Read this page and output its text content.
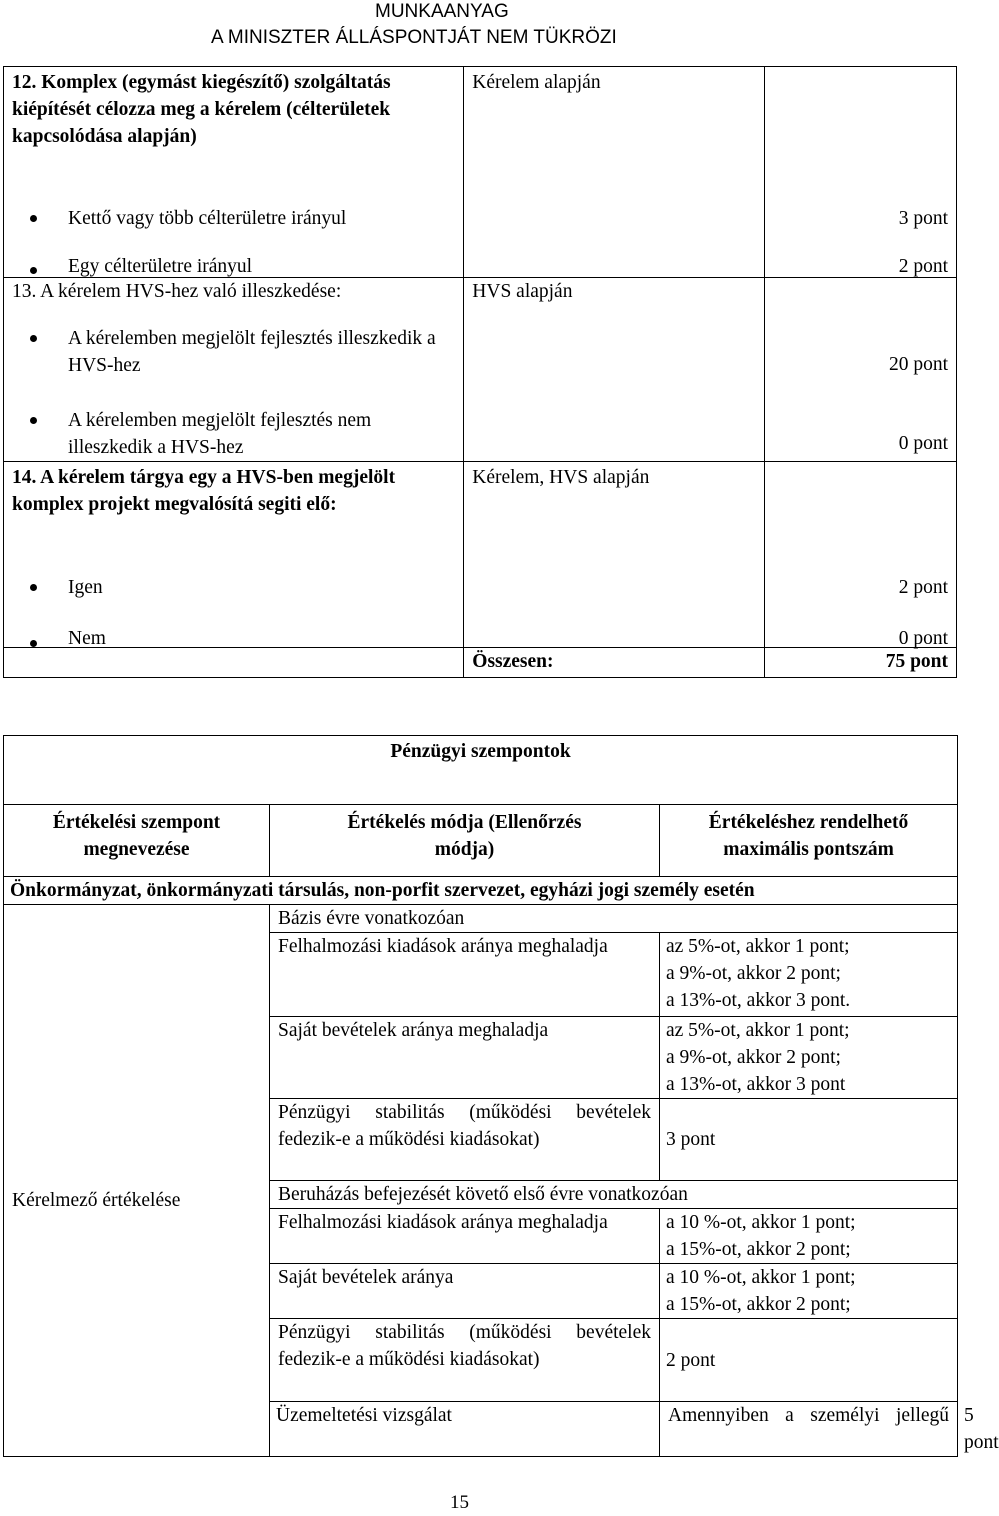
MUNKAANYAG
A MINISZTER ÁLLÁSPONTJÁT NEM TÜKRÖZI
12. Komplex (egymást kiegészítő) szolgáltatás kiépítését célozza meg a kérelem (célterületek kapcsolódása alapján)	Kérelem alapján	

Kettő vagy több célterületre irányul		3 pont

Egy célterületre irányul		2 pont
13. A kérelem HVS-hez való illeszkedése:	HVS alapján	

A kérelemben megjelölt fejlesztés illeszkedik a HVS-hez		20 pont

A kérelemben megjelölt fejlesztés nem illeszkedik a HVS-hez		0 pont
14. A kérelem tárgya egy a HVS-ben megjelölt komplex projekt megvalósítá segiti elő:	Kérelem, HVS alapján	

Igen		2 pont

Nem		0 pont
	Összesen:	75 pont
Pénzügyi szempontok			
Értékelési szempont megnevezése	Értékelés módja (Ellenőrzés módja)	Értékeléshez rendelhető maximális pontszám	
Önkormányzat, önkormányzati társulás, non-porfit szervezet, egyházi jogi személy esetén			
Kérelmező értékelése	Bázis évre vonatkozóan		

	Felhalmozási kiadások aránya meghaladja	az 5%-ot, akkor 1 pont;
a 9%-ot, akkor 2 pont;
a 13%-ot, akkor 3 pont.	

	Saját bevételek aránya meghaladja	az 5%-ot, akkor 1 pont;
a 9%-ot, akkor 2 pont;
a 13%-ot, akkor 3 pont	

	Pénzügyi stabilitás (működési bevételek fedezik-e a működési kiadásokat)	3 pont	
	Beruházás befejezését követő első évre vonatkozóan		

	Felhalmozási kiadások aránya meghaladja	a 10 %-ot, akkor 1 pont;
a 15%-ot, akkor 2 pont;	

	Saját bevételek aránya	a 10 %-ot, akkor 1 pont;
a 15%-ot, akkor 2 pont;	

	Pénzügyi stabilitás (működési bevételek fedezik-e a működési kiadásokat)	2 pont	
	Üzemeltetési vizsgálat	Amennyiben a személyi jellegű	5 pont
15
